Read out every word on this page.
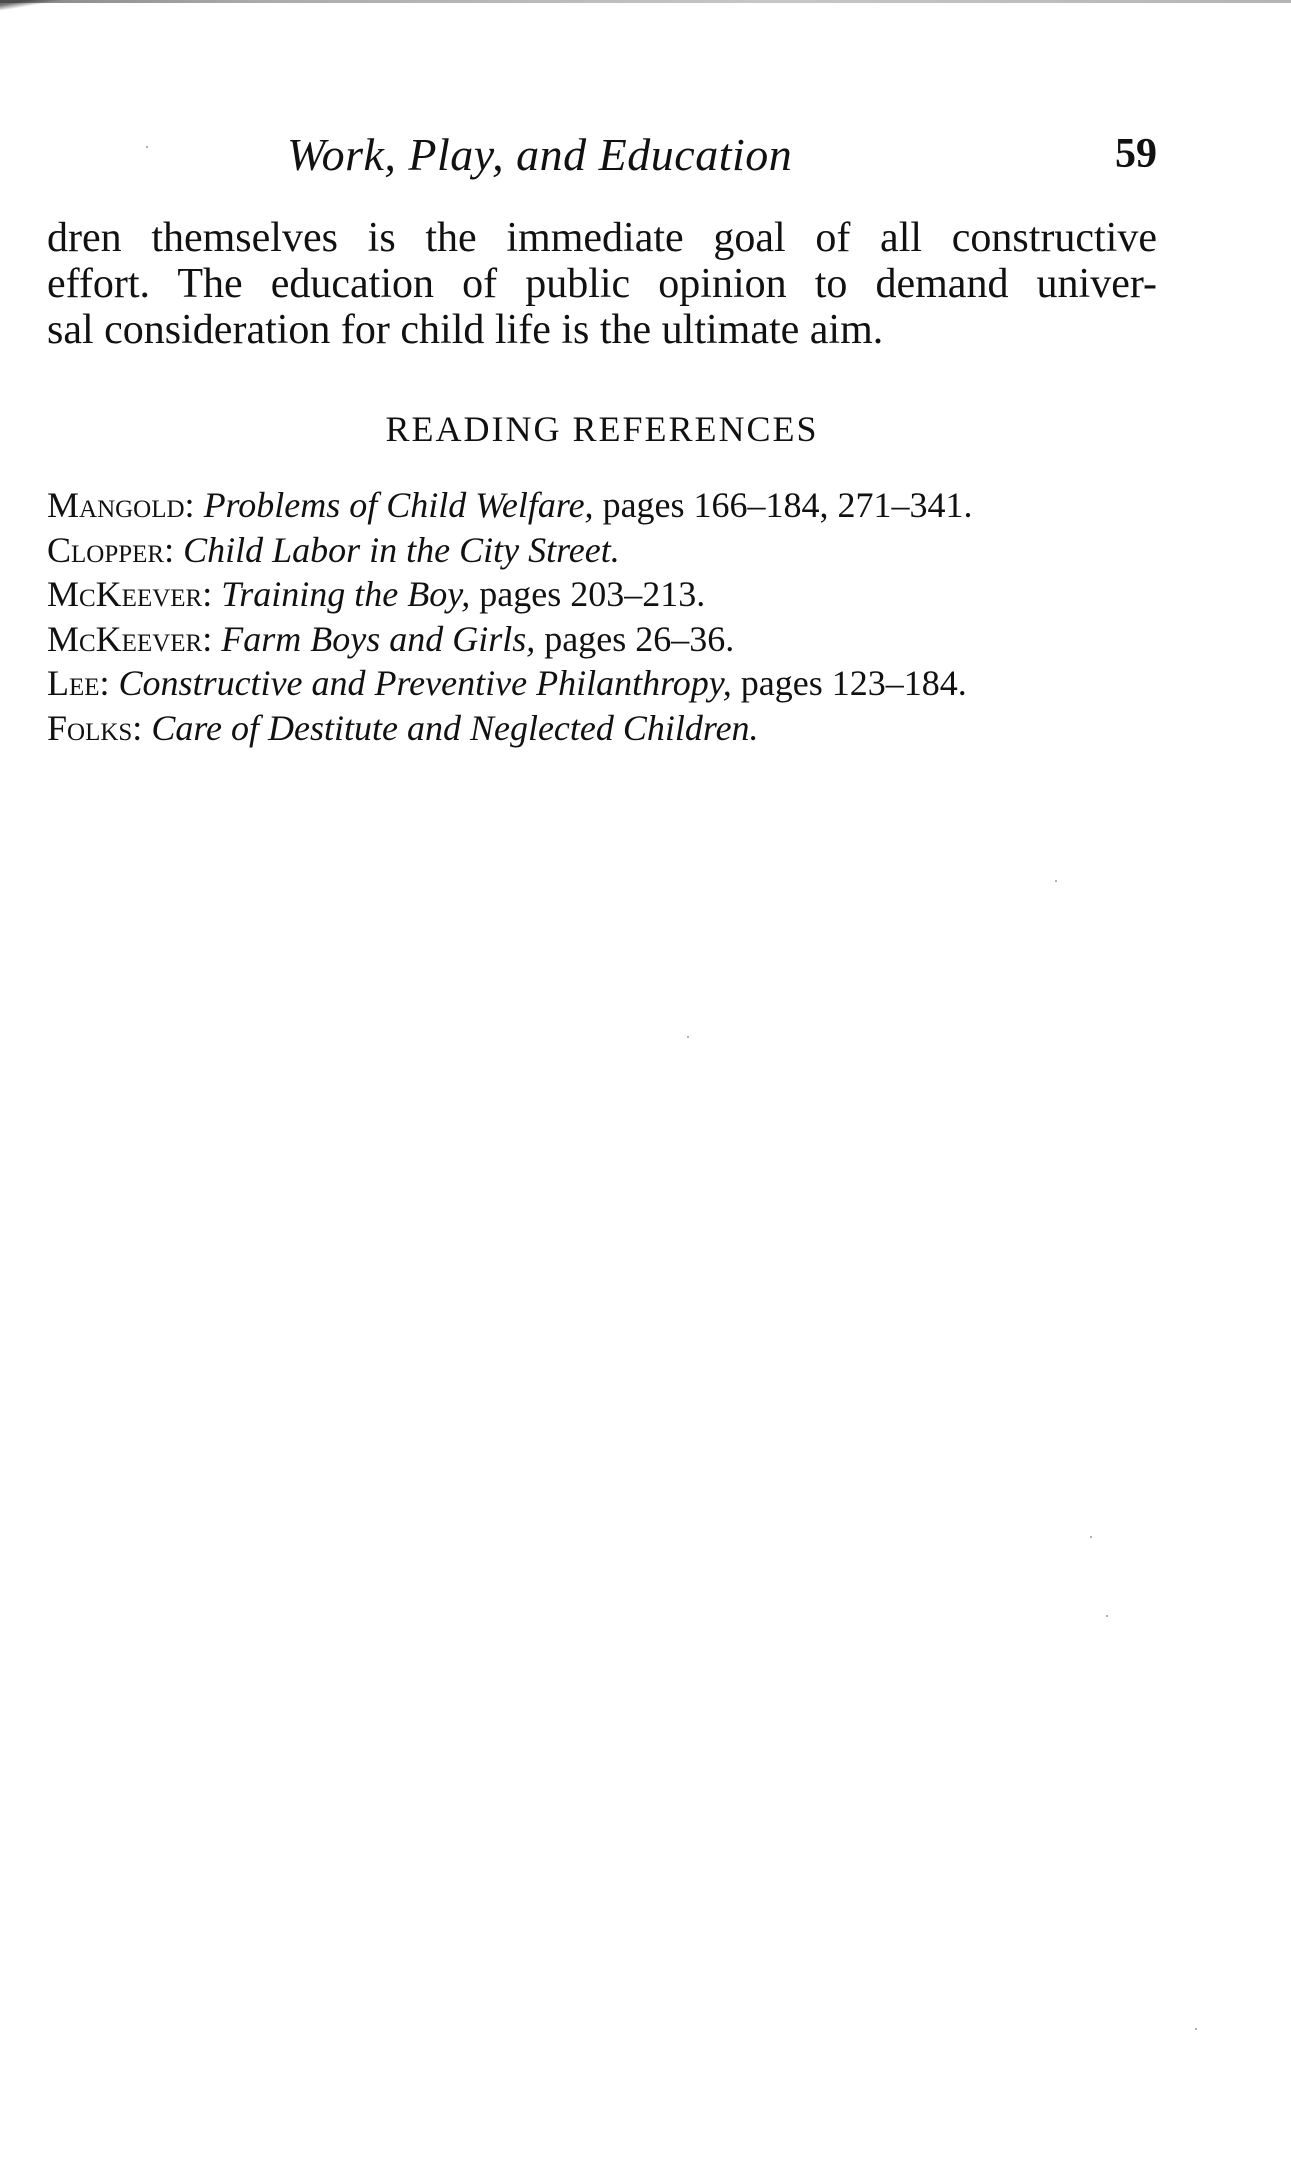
Work, Play, and Education	59
dren themselves is the immediate goal of all constructive
effort. The education of public opinion to demand univer-
sal consideration for child life is the ultimate aim.
READING REFERENCES
Mangold: Problems of Child Welfare, pages 166–184, 271–341.
Clopper: Child Labor in the City Street.
McKeever: Training the Boy, pages 203–213.
McKeever: Farm Boys and Girls, pages 26–36.
Lee: Constructive and Preventive Philanthropy, pages 123–184.
Folks: Care of Destitute and Neglected Children.
